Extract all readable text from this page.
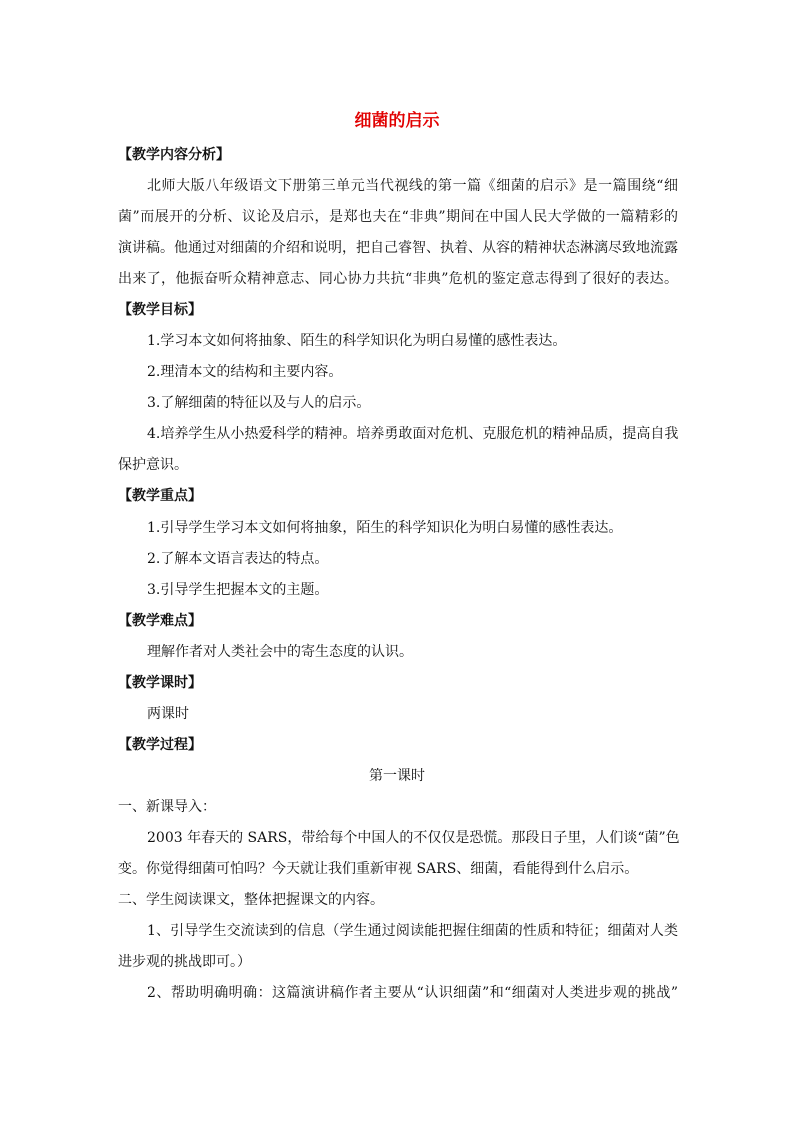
细菌的启示
【教学内容分析】
北师大版八年级语文下册第三单元当代视线的第一篇《细菌的启示》是一篇围绕“细
菌”而展开的分析、议论及启示，是郑也夫在“非典”期间在中国人民大学做的一篇精彩的
演讲稿。他通过对细菌的介绍和说明，把自己睿智、执着、从容的精神状态淋漓尽致地流露
出来了，他振奋听众精神意志、同心协力共抗“非典”危机的鉴定意志得到了很好的表达。
【教学目标】
1.学习本文如何将抽象、陌生的科学知识化为明白易懂的感性表达。
2.理清本文的结构和主要内容。
3.了解细菌的特征以及与人的启示。
4.培养学生从小热爱科学的精神。培养勇敢面对危机、克服危机的精神品质，提高自我
保护意识。
【教学重点】
1.引导学生学习本文如何将抽象，陌生的科学知识化为明白易懂的感性表达。
2.了解本文语言表达的特点。
3.引导学生把握本文的主题。
【教学难点】
理解作者对人类社会中的寄生态度的认识。
【教学课时】
两课时
【教学过程】
第一课时
一、新课导入：
2003 年春天的 SARS，带给每个中国人的不仅仅是恐慌。那段日子里，人们谈“菌”色
变。你觉得细菌可怕吗？今天就让我们重新审视 SARS、细菌，看能得到什么启示。
二、学生阅读课文，整体把握课文的内容。
1、引导学生交流读到的信息（学生通过阅读能把握住细菌的性质和特征；细菌对人类
进步观的挑战即可。）
2、帮助明确明确：这篇演讲稿作者主要从“认识细菌”和“细菌对人类进步观的挑战”
